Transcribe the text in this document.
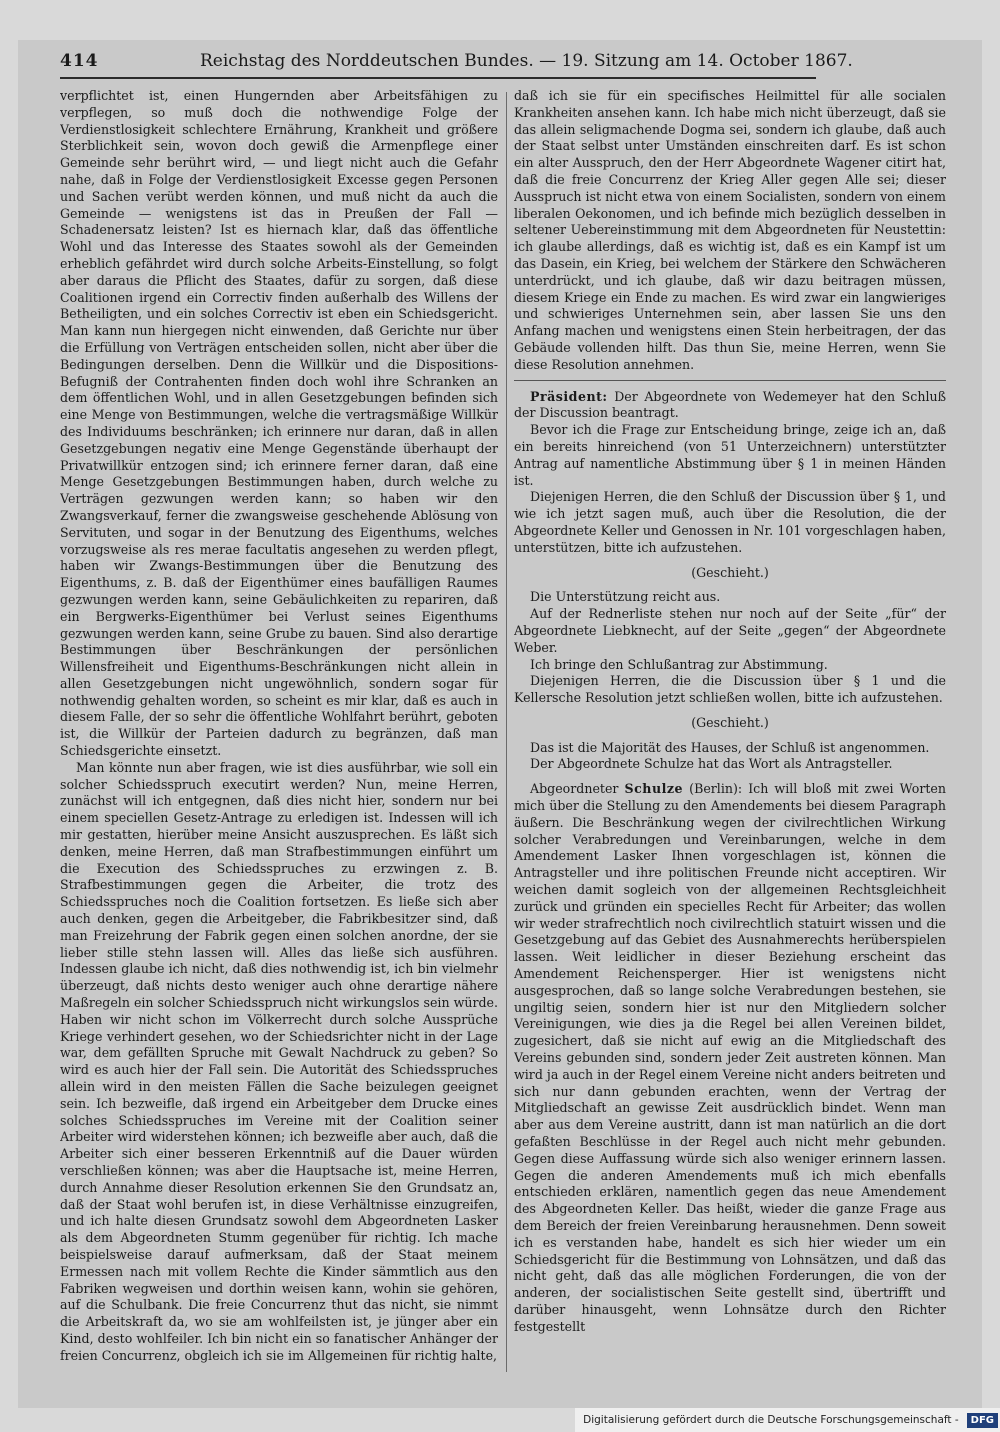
414	Reichstag des Norddeutschen Bundes. — 19. Sitzung am 14. October 1867.

verpflichtet ist, einen Hungernden aber Arbeitsfähigen zu verpflegen, so muß doch die nothwendige Folge der Verdienstlosigkeit schlechtere Ernährung, Krankheit und größere Sterblichkeit sein, wovon doch gewiß die Armenpflege einer Gemeinde sehr berührt wird, — und liegt nicht auch die Gefahr nahe, daß in Folge der Verdienstlosigkeit Excesse gegen Personen und Sachen verübt werden können, und muß nicht da auch die Gemeinde — wenigstens ist das in Preußen der Fall — Schadenersatz leisten? Ist es hiernach klar, daß das öffentliche Wohl und das Interesse des Staates sowohl als der Gemeinden erheblich gefährdet wird durch solche Arbeits-Einstellung, so folgt aber daraus die Pflicht des Staates, dafür zu sorgen, daß diese Coalitionen irgend ein Correctiv finden außerhalb des Willens der Betheiligten, und ein solches Correctiv ist eben ein Schiedsgericht. Man kann nun hiergegen nicht einwenden, daß Gerichte nur über die Erfüllung von Verträgen entscheiden sollen, nicht aber über die Bedingungen derselben. Denn die Willkür und die Dispositions-Befugniß der Contrahenten finden doch wohl ihre Schranken an dem öffentlichen Wohl, und in allen Gesetzgebungen befinden sich eine Menge von Bestimmungen, welche die vertragsmäßige Willkür des Individuums beschränken; ich erinnere nur daran, daß in allen Gesetzgebungen negativ eine Menge Gegenstände überhaupt der Privatwillkür entzogen sind; ich erinnere ferner daran, daß eine Menge Gesetzgebungen Bestimmungen haben, durch welche zu Verträgen gezwungen werden kann; so haben wir den Zwangsverkauf, ferner die zwangsweise geschehende Ablösung von Servituten, und sogar in der Benutzung des Eigenthums, welches vorzugsweise als res merae facultatis angesehen zu werden pflegt, haben wir Zwangs-Bestimmungen über die Benutzung des Eigenthums, z. B. daß der Eigenthümer eines baufälligen Raumes gezwungen werden kann, seine Gebäulichkeiten zu repariren, daß ein Bergwerks-Eigenthümer bei Verlust seines Eigenthums gezwungen werden kann, seine Grube zu bauen. Sind also derartige Bestimmungen über Beschränkungen der persönlichen Willensfreiheit und Eigenthums-Beschränkungen nicht allein in allen Gesetzgebungen nicht ungewöhnlich, sondern sogar für nothwendig gehalten worden, so scheint es mir klar, daß es auch in diesem Falle, der so sehr die öffentliche Wohlfahrt berührt, geboten ist, die Willkür der Parteien dadurch zu begränzen, daß man Schiedsgerichte einsetzt.

Man könnte nun aber fragen, wie ist dies ausführbar, wie soll ein solcher Schiedsspruch executirt werden? Nun, meine Herren, zunächst will ich entgegnen, daß dies nicht hier, sondern nur bei einem speciellen Gesetz-Antrage zu erledigen ist. Indessen will ich mir gestatten, hierüber meine Ansicht auszusprechen. Es läßt sich denken, meine Herren, daß man Strafbestimmungen einführt um die Execution des Schiedsspruches zu erzwingen z. B. Strafbestimmungen gegen die Arbeiter, die trotz des Schiedsspruches noch die Coalition fortsetzen. Es ließe sich aber auch denken, gegen die Arbeitgeber, die Fabrikbesitzer sind, daß man Freizehrung der Fabrik gegen einen solchen anordne, der sie lieber stille stehn lassen will. Alles das ließe sich ausführen. Indessen glaube ich nicht, daß dies nothwendig ist, ich bin vielmehr überzeugt, daß nichts desto weniger auch ohne derartige nähere Maßregeln ein solcher Schiedsspruch nicht wirkungslos sein würde. Haben wir nicht schon im Völkerrecht durch solche Aussprüche Kriege verhindert gesehen, wo der Schiedsrichter nicht in der Lage war, dem gefällten Spruche mit Gewalt Nachdruck zu geben? So wird es auch hier der Fall sein. Die Autorität des Schiedsspruches allein wird in den meisten Fällen die Sache beizulegen geeignet sein. Ich bezweifle, daß irgend ein Arbeitgeber dem Drucke eines solches Schiedsspruches im Vereine mit der Coalition seiner Arbeiter wird widerstehen können; ich bezweifle aber auch, daß die Arbeiter sich einer besseren Erkenntniß auf die Dauer würden verschließen können; was aber die Hauptsache ist, meine Herren, durch Annahme dieser Resolution erkennen Sie den Grundsatz an, daß der Staat wohl berufen ist, in diese Verhältnisse einzugreifen, und ich halte diesen Grundsatz sowohl dem Abgeordneten Lasker als dem Abgeordneten Stumm gegenüber für richtig. Ich mache beispielsweise darauf aufmerksam, daß der Staat meinem Ermessen nach mit vollem Rechte die Kinder sämmtlich aus den Fabriken wegweisen und dorthin weisen kann, wohin sie gehören, auf die Schulbank. Die freie Concurrenz thut das nicht, sie nimmt die Arbeitskraft da, wo sie am wohlfeilsten ist, je jünger aber ein Kind, desto wohlfeiler. Ich bin nicht ein so fanatischer Anhänger der freien Concurrenz, obgleich ich sie im Allgemeinen für richtig halte,

daß ich sie für ein specifisches Heilmittel für alle socialen Krankheiten ansehen kann. Ich habe mich nicht überzeugt, daß sie das allein seligmachende Dogma sei, sondern ich glaube, daß auch der Staat selbst unter Umständen einschreiten darf. Es ist schon ein alter Ausspruch, den der Herr Abgeordnete Wagener citirt hat, daß die freie Concurrenz der Krieg Aller gegen Alle sei; dieser Ausspruch ist nicht etwa von einem Socialisten, sondern von einem liberalen Oekonomen, und ich befinde mich bezüglich desselben in seltener Uebereinstimmung mit dem Abgeordneten für Neustettin: ich glaube allerdings, daß es wichtig ist, daß es ein Kampf ist um das Dasein, ein Krieg, bei welchem der Stärkere den Schwächeren unterdrückt, und ich glaube, daß wir dazu beitragen müssen, diesem Kriege ein Ende zu machen. Es wird zwar ein langwieriges und schwieriges Unternehmen sein, aber lassen Sie uns den Anfang machen und wenigstens einen Stein herbeitragen, der das Gebäude vollenden hilft. Das thun Sie, meine Herren, wenn Sie diese Resolution annehmen.

Präsident: Der Abgeordnete von Wedemeyer hat den Schluß der Discussion beantragt.

Bevor ich die Frage zur Entscheidung bringe, zeige ich an, daß ein bereits hinreichend (von 51 Unterzeichnern) unterstützter Antrag auf namentliche Abstimmung über § 1 in meinen Händen ist.

Diejenigen Herren, die den Schluß der Discussion über § 1, und wie ich jetzt sagen muß, auch über die Resolution, die der Abgeordnete Keller und Genossen in Nr. 101 vorgeschlagen haben, unterstützen, bitte ich aufzustehen.

(Geschieht.)

Die Unterstützung reicht aus.

Auf der Rednerliste stehen nur noch auf der Seite „für“ der Abgeordnete Liebknecht, auf der Seite „gegen“ der Abgeordnete Weber.

Ich bringe den Schlußantrag zur Abstimmung.

Diejenigen Herren, die die Discussion über § 1 und die Kellersche Resolution jetzt schließen wollen, bitte ich aufzustehen.

(Geschieht.)

Das ist die Majorität des Hauses, der Schluß ist angenommen.

Der Abgeordnete Schulze hat das Wort als Antragsteller.

Abgeordneter Schulze (Berlin): Ich will bloß mit zwei Worten mich über die Stellung zu den Amendements bei diesem Paragraph äußern. Die Beschränkung wegen der civilrechtlichen Wirkung solcher Verabredungen und Vereinbarungen, welche in dem Amendement Lasker Ihnen vorgeschlagen ist, können die Antragsteller und ihre politischen Freunde nicht acceptiren. Wir weichen damit sogleich von der allgemeinen Rechtsgleichheit zurück und gründen ein specielles Recht für Arbeiter; das wollen wir weder strafrechtlich noch civilrechtlich statuirt wissen und die Gesetzgebung auf das Gebiet des Ausnahmerechts herüberspielen lassen. Weit leidlicher in dieser Beziehung erscheint das Amendement Reichensperger. Hier ist wenigstens nicht ausgesprochen, daß so lange solche Verabredungen bestehen, sie ungiltig seien, sondern hier ist nur den Mitgliedern solcher Vereinigungen, wie dies ja die Regel bei allen Vereinen bildet, zugesichert, daß sie nicht auf ewig an die Mitgliedschaft des Vereins gebunden sind, sondern jeder Zeit austreten können. Man wird ja auch in der Regel einem Vereine nicht anders beitreten und sich nur dann gebunden erachten, wenn der Vertrag der Mitgliedschaft an gewisse Zeit ausdrücklich bindet. Wenn man aber aus dem Vereine austritt, dann ist man natürlich an die dort gefaßten Beschlüsse in der Regel auch nicht mehr gebunden. Gegen diese Auffassung würde sich also weniger erinnern lassen. Gegen die anderen Amendements muß ich mich ebenfalls entschieden erklären, namentlich gegen das neue Amendement des Abgeordneten Keller. Das heißt, wieder die ganze Frage aus dem Bereich der freien Vereinbarung herausnehmen. Denn soweit ich es verstanden habe, handelt es sich hier wieder um ein Schiedsgericht für die Bestimmung von Lohnsätzen, und daß das nicht geht, daß das alle möglichen Forderungen, die von der anderen, der socialistischen Seite gestellt sind, übertrifft und darüber hinausgeht, wenn Lohnsätze durch den Richter festgestellt

Digitalisierung gefördert durch die Deutsche Forschungsgemeinschaft -	DFG
